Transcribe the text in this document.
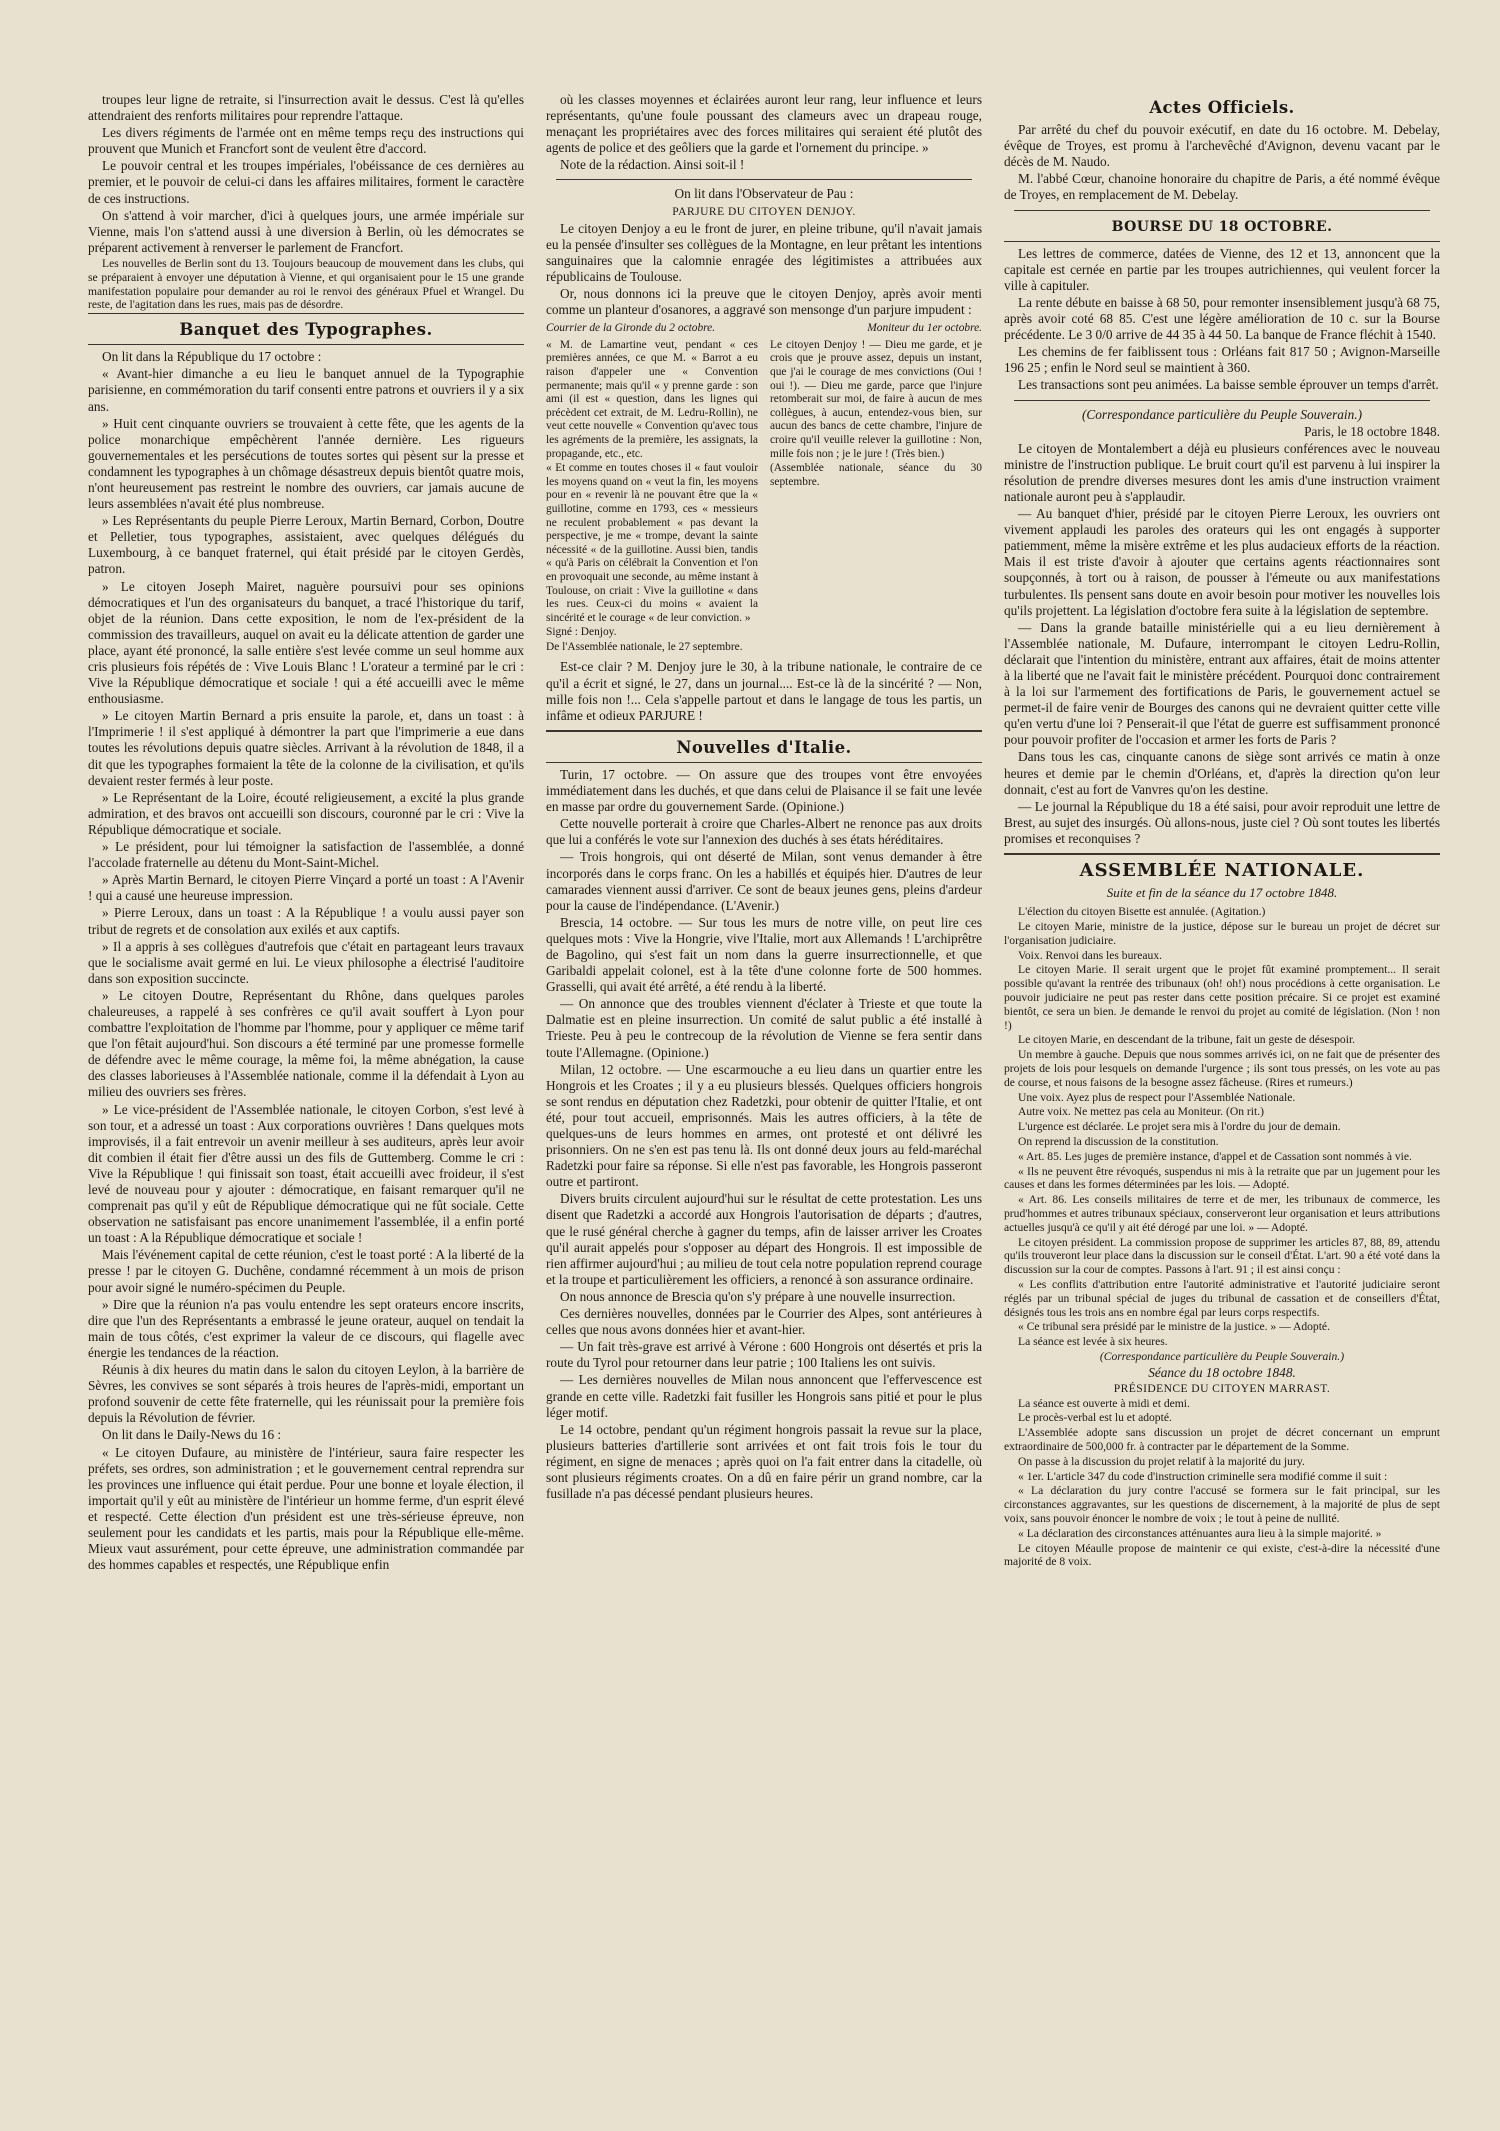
troupes leur ligne de retraite, si l'insurrection avait le dessus. C'est là qu'elles attendraient des renforts militaires pour reprendre l'attaque.

Les divers régiments de l'armée ont en même temps reçu des instructions qui prouvent que Munich et Francfort sont de veulent être d'accord.

Le pouvoir central et les troupes impériales, l'obéissance de ces dernières au premier, et le pouvoir de celui-ci dans les affaires militaires, forment le caractère de ces instructions.

On s'attend à voir marcher, d'ici à quelques jours, une armée impériale sur Vienne, mais l'on s'attend aussi à une diversion à Berlin, où les démocrates se préparent activement à renverser le parlement de Francfort.

Les nouvelles de Berlin sont du 13. Toujours beaucoup de mouvement dans les clubs, qui se préparaient à envoyer une députation à Vienne, et qui organisaient pour le 15 une grande manifestation populaire pour demander au roi le renvoi des généraux Pfuel et Wrangel. Du reste, de l'agitation dans les rues, mais pas de désordre.

Banquet des Typographes.

On lit dans la République du 17 octobre :

« Avant-hier dimanche a eu lieu le banquet annuel de la Typographie parisienne, en commémoration du tarif consenti entre patrons et ouvriers il y a six ans.

» Huit cent cinquante ouvriers se trouvaient à cette fête, que les agents de la police monarchique empêchèrent l'année dernière. Les rigueurs gouvernementales et les persécutions de toutes sortes qui pèsent sur la presse et condamnent les typographes à un chômage désastreux depuis bientôt quatre mois, n'ont heureusement pas restreint le nombre des ouvriers, car jamais aucune de leurs assemblées n'avait été plus nombreuse.

» Les Représentants du peuple Pierre Leroux, Martin Bernard, Corbon, Doutre et Pelletier, tous typographes, assistaient, avec quelques délégués du Luxembourg, à ce banquet fraternel, qui était présidé par le citoyen Gerdès, patron.

» Le citoyen Joseph Mairet, naguère poursuivi pour ses opinions démocratiques et l'un des organisateurs du banquet, a tracé l'historique du tarif, objet de la réunion. Dans cette exposition, le nom de l'ex-président de la commission des travailleurs, auquel on avait eu la délicate attention de garder une place, ayant été prononcé, la salle entière s'est levée comme un seul homme aux cris plusieurs fois répétés de : Vive Louis Blanc ! L'orateur a terminé par le cri : Vive la République démocratique et sociale ! qui a été accueilli avec le même enthousiasme.

» Le citoyen Martin Bernard a pris ensuite la parole, et, dans un toast : à l'Imprimerie ! il s'est appliqué à démontrer la part que l'imprimerie a eue dans toutes les révolutions depuis quatre siècles. Arrivant à la révolution de 1848, il a dit que les typographes formaient la tête de la colonne de la civilisation, et qu'ils devaient rester fermés à leur poste.

» Le Représentant de la Loire, écouté religieusement, a excité la plus grande admiration, et des bravos ont accueilli son discours, couronné par le cri : Vive la République démocratique et sociale.

» Le président, pour lui témoigner la satisfaction de l'assemblée, a donné l'accolade fraternelle au détenu du Mont-Saint-Michel.

» Après Martin Bernard, le citoyen Pierre Vinçard a porté un toast : A l'Avenir ! qui a causé une heureuse impression.

» Pierre Leroux, dans un toast : A la République ! a voulu aussi payer son tribut de regrets et de consolation aux exilés et aux captifs.

» Il a appris à ses collègues d'autrefois que c'était en partageant leurs travaux que le socialisme avait germé en lui. Le vieux philosophe a électrisé l'auditoire dans son exposition succincte.

» Le citoyen Doutre, Représentant du Rhône, dans quelques paroles chaleureuses, a rappelé à ses confrères ce qu'il avait souffert à Lyon pour combattre l'exploitation de l'homme par l'homme, pour y appliquer ce même tarif que l'on fêtait aujourd'hui. Son discours a été terminé par une promesse formelle de défendre avec le même courage, la même foi, la même abnégation, la cause des classes laborieuses à l'Assemblée nationale, comme il la défendait à Lyon au milieu des ouvriers ses frères.

» Le vice-président de l'Assemblée nationale, le citoyen Corbon, s'est levé à son tour, et a adressé un toast : Aux corporations ouvrières ! Dans quelques mots improvisés, il a fait entrevoir un avenir meilleur à ses auditeurs, après leur avoir dit combien il était fier d'être aussi un des fils de Guttemberg. Comme le cri : Vive la République ! qui finissait son toast, était accueilli avec froideur, il s'est levé de nouveau pour y ajouter : démocratique, en faisant remarquer qu'il ne comprenait pas qu'il y eût de République démocratique qui ne fût sociale. Cette observation ne satisfaisant pas encore unanimement l'assemblée, il a enfin porté un toast : A la République démocratique et sociale !

Mais l'événement capital de cette réunion, c'est le toast porté : A la liberté de la presse ! par le citoyen G. Duchêne, condamné récemment à un mois de prison pour avoir signé le numéro-spécimen du Peuple.

» Dire que la réunion n'a pas voulu entendre les sept orateurs encore inscrits, dire que l'un des Représentants a embrassé le jeune orateur, auquel on tendait la main de tous côtés, c'est exprimer la valeur de ce discours, qui flagelle avec énergie les tendances de la réaction.

Réunis à dix heures du matin dans le salon du citoyen Leylon, à la barrière de Sèvres, les convives se sont séparés à trois heures de l'après-midi, emportant un profond souvenir de cette fête fraternelle, qui les réunissait pour la première fois depuis la Révolution de février.

On lit dans le Daily-News du 16 :

« Le citoyen Dufaure, au ministère de l'intérieur, saura faire respecter les préfets, ses ordres, son administration ; et le gouvernement central reprendra sur les provinces une influence qui était perdue. Pour une bonne et loyale élection, il importait qu'il y eût au ministère de l'intérieur un homme ferme, d'un esprit élevé et respecté. Cette élection d'un président est une très-sérieuse épreuve, non seulement pour les candidats et les partis, mais pour la République elle-même. Mieux vaut assurément, pour cette épreuve, une administration commandée par des hommes capables et respectés, une République enfin

où les classes moyennes et éclairées auront leur rang, leur influence et leurs représentants, qu'une foule poussant des clameurs avec un drapeau rouge, menaçant les propriétaires avec des forces militaires qui seraient été plutôt des agents de police et des geôliers que la garde et l'ornement du principe. »

Note de la rédaction. Ainsi soit-il !

On lit dans l'Observateur de Pau :

PARJURE DU CITOYEN DENJOY.

Le citoyen Denjoy a eu le front de jurer, en pleine tribune, qu'il n'avait jamais eu la pensée d'insulter ses collègues de la Montagne, en leur prêtant les intentions sanguinaires que la calomnie enragée des légitimistes a attribuées aux républicains de Toulouse.

Or, nous donnons ici la preuve que le citoyen Denjoy, après avoir menti comme un planteur d'osanores, a aggravé son mensonge d'un parjure impudent :

Courrier de la Gironde du 2 octobre.

« M. de Lamartine veut, pendant « ces premières années, ce que M. « Barrot a eu raison d'appeler une « Convention permanente; mais qu'il « y prenne garde : son ami (il est « question, dans les lignes qui précèdent cet extrait, de M. Ledru-Rollin), ne veut cette nouvelle « Convention qu'avec tous les agréments de la première, les assignats, la propagande, etc., etc.

« Et comme en toutes choses il « faut vouloir les moyens quand on « veut la fin, les moyens pour en « revenir là ne pouvant être que la « guillotine, comme en 1793, ces « messieurs ne reculent probablement « pas devant la perspective, je me « trompe, devant la sainte nécessité « de la guillotine. Aussi bien, tandis « qu'à Paris on célébrait la Convention et l'on en provoquait une seconde, au même instant à Toulouse, on criait : Vive la guillotine « dans les rues. Ceux-ci du moins « avaient la sincérité et le courage « de leur conviction. »

Signé : Denjoy.

De l'Assemblée nationale, le 27 septembre.

Moniteur du 1er octobre.

Le citoyen Denjoy ! — Dieu me garde, et je crois que je prouve assez, depuis un instant, que j'ai le courage de mes convictions (Oui ! oui !). — Dieu me garde, parce que l'injure retomberait sur moi, de faire à aucun de mes collègues, à aucun, entendez-vous bien, sur aucun des bancs de cette chambre, l'injure de croire qu'il veuille relever la guillotine : Non, mille fois non ; je le jure ! (Très bien.)

(Assemblée nationale, séance du 30 septembre.

Est-ce clair ? M. Denjoy jure le 30, à la tribune nationale, le contraire de ce qu'il a écrit et signé, le 27, dans un journal.... Est-ce là de la sincérité ? — Non, mille fois non !... Cela s'appelle partout et dans le langage de tous les partis, un infâme et odieux PARJURE !

Nouvelles d'Italie.

Turin, 17 octobre. — On assure que des troupes vont être envoyées immédiatement dans les duchés, et que dans celui de Plaisance il se fait une levée en masse par ordre du gouvernement Sarde. (Opinione.)

Cette nouvelle porterait à croire que Charles-Albert ne renonce pas aux droits que lui a conférés le vote sur l'annexion des duchés à ses états héréditaires.

— Trois hongrois, qui ont déserté de Milan, sont venus demander à être incorporés dans le corps franc. On les a habillés et équipés hier. D'autres de leur camarades viennent aussi d'arriver. Ce sont de beaux jeunes gens, pleins d'ardeur pour la cause de l'indépendance. (L'Avenir.)

Brescia, 14 octobre. — Sur tous les murs de notre ville, on peut lire ces quelques mots : Vive la Hongrie, vive l'Italie, mort aux Allemands ! L'archiprêtre de Bagolino, qui s'est fait un nom dans la guerre insurrectionnelle, et que Garibaldi appelait colonel, est à la tête d'une colonne forte de 500 hommes. Grasselli, qui avait été arrêté, a été rendu à la liberté.

— On annonce que des troubles viennent d'éclater à Trieste et que toute la Dalmatie est en pleine insurrection. Un comité de salut public a été installé à Trieste. Peu à peu le contrecoup de la révolution de Vienne se fera sentir dans toute l'Allemagne. (Opinione.)

Milan, 12 octobre. — Une escarmouche a eu lieu dans un quartier entre les Hongrois et les Croates ; il y a eu plusieurs blessés. Quelques officiers hongrois se sont rendus en députation chez Radetzki, pour obtenir de quitter l'Italie, et ont été, pour tout accueil, emprisonnés. Mais les autres officiers, à la tête de quelques-uns de leurs hommes en armes, ont protesté et ont délivré les prisonniers. On ne s'en est pas tenu là. Ils ont donné deux jours au feld-maréchal Radetzki pour faire sa réponse. Si elle n'est pas favorable, les Hongrois passeront outre et partiront.

Divers bruits circulent aujourd'hui sur le résultat de cette protestation. Les uns disent que Radetzki a accordé aux Hongrois l'autorisation de départs ; d'autres, que le rusé général cherche à gagner du temps, afin de laisser arriver les Croates qu'il aurait appelés pour s'opposer au départ des Hongrois. Il est impossible de rien affirmer aujourd'hui ; au milieu de tout cela notre population reprend courage et la troupe et particulièrement les officiers, a renoncé à son assurance ordinaire.

On nous annonce de Brescia qu'on s'y prépare à une nouvelle insurrection.

Ces dernières nouvelles, données par le Courrier des Alpes, sont antérieures à celles que nous avons données hier et avant-hier.

— Un fait très-grave est arrivé à Vérone : 600 Hongrois ont désertés et pris la route du Tyrol pour retourner dans leur patrie ; 100 Italiens les ont suivis.

— Les dernières nouvelles de Milan nous annoncent que l'effervescence est grande en cette ville. Radetzki fait fusiller les Hongrois sans pitié et pour le plus léger motif.

Le 14 octobre, pendant qu'un régiment hongrois passait la revue sur la place, plusieurs batteries d'artillerie sont arrivées et ont fait trois fois le tour du régiment, en signe de menaces ; après quoi on l'a fait entrer dans la citadelle, où sont plusieurs régiments croates. On a dû en faire périr un grand nombre, car la fusillade n'a pas décessé pendant plusieurs heures.

Actes Officiels.

Par arrêté du chef du pouvoir exécutif, en date du 16 octobre. M. Debelay, évêque de Troyes, est promu à l'archevêché d'Avignon, devenu vacant par le décès de M. Naudo.

M. l'abbé Cœur, chanoine honoraire du chapitre de Paris, a été nommé évêque de Troyes, en remplacement de M. Debelay.

BOURSE DU 18 OCTOBRE.

Les lettres de commerce, datées de Vienne, des 12 et 13, annoncent que la capitale est cernée en partie par les troupes autrichiennes, qui veulent forcer la ville à capituler.

La rente débute en baisse à 68 50, pour remonter insensiblement jusqu'à 68 75, après avoir coté 68 85. C'est une légère amélioration de 10 c. sur la Bourse précédente. Le 3 0/0 arrive de 44 35 à 44 50. La banque de France fléchit à 1540.

Les chemins de fer faiblissent tous : Orléans fait 817 50 ; Avignon-Marseille 196 25 ; enfin le Nord seul se maintient à 360.

Les transactions sont peu animées. La baisse semble éprouver un temps d'arrêt.

(Correspondance particulière du Peuple Souverain.)

Paris, le 18 octobre 1848.

Le citoyen de Montalembert a déjà eu plusieurs conférences avec le nouveau ministre de l'instruction publique. Le bruit court qu'il est parvenu à lui inspirer la résolution de prendre diverses mesures dont les amis d'une instruction vraiment nationale auront peu à s'applaudir.

— Au banquet d'hier, présidé par le citoyen Pierre Leroux, les ouvriers ont vivement applaudi les paroles des orateurs qui les ont engagés à supporter patiemment, même la misère extrême et les plus audacieux efforts de la réaction. Mais il est triste d'avoir à ajouter que certains agents réactionnaires sont soupçonnés, à tort ou à raison, de pousser à l'émeute ou aux manifestations turbulentes. Ils pensent sans doute en avoir besoin pour motiver les nouvelles lois qu'ils projettent. La législation d'octobre fera suite à la législation de septembre.

— Dans la grande bataille ministérielle qui a eu lieu dernièrement à l'Assemblée nationale, M. Dufaure, interrompant le citoyen Ledru-Rollin, déclarait que l'intention du ministère, entrant aux affaires, était de moins attenter à la liberté que ne l'avait fait le ministère précédent. Pourquoi donc contrairement à la loi sur l'armement des fortifications de Paris, le gouvernement actuel se permet-il de faire venir de Bourges des canons qui ne devraient quitter cette ville qu'en vertu d'une loi ? Penserait-il que l'état de guerre est suffisamment prononcé pour pouvoir profiter de l'occasion et armer les forts de Paris ?

Dans tous les cas, cinquante canons de siège sont arrivés ce matin à onze heures et demie par le chemin d'Orléans, et, d'après la direction qu'on leur donnait, c'est au fort de Vanvres qu'on les destine.

— Le journal la République du 18 a été saisi, pour avoir reproduit une lettre de Brest, au sujet des insurgés. Où allons-nous, juste ciel ? Où sont toutes les libertés promises et reconquises ?

ASSEMBLÉE NATIONALE.
Suite et fin de la séance du 17 octobre 1848.

L'élection du citoyen Bisette est annulée. (Agitation.)

Le citoyen Marie, ministre de la justice, dépose sur le bureau un projet de décret sur l'organisation judiciaire.

Voix. Renvoi dans les bureaux.

Le citoyen Marie. Il serait urgent que le projet fût examiné promptement... Il serait possible qu'avant la rentrée des tribunaux (oh! oh!) nous procédions à cette organisation. Le pouvoir judiciaire ne peut pas rester dans cette position précaire. Si ce projet est examiné bientôt, ce sera un bien. Je demande le renvoi du projet au comité de législation. (Non ! non !)

Le citoyen Marie, en descendant de la tribune, fait un geste de désespoir.

Un membre à gauche. Depuis que nous sommes arrivés ici, on ne fait que de présenter des projets de lois pour lesquels on demande l'urgence ; ils sont tous pressés, on les vote au pas de course, et nous faisons de la besogne assez fâcheuse. (Rires et rumeurs.)

Une voix. Ayez plus de respect pour l'Assemblée Nationale.

Autre voix. Ne mettez pas cela au Moniteur. (On rit.)

L'urgence est déclarée. Le projet sera mis à l'ordre du jour de demain.

On reprend la discussion de la constitution.

« Art. 85. Les juges de première instance, d'appel et de Cassation sont nommés à vie.

« Ils ne peuvent être révoqués, suspendus ni mis à la retraite que par un jugement pour les causes et dans les formes déterminées par les lois. — Adopté.

« Art. 86. Les conseils militaires de terre et de mer, les tribunaux de commerce, les prud'hommes et autres tribunaux spéciaux, conserveront leur organisation et leurs attributions actuelles jusqu'à ce qu'il y ait été dérogé par une loi. » — Adopté.

Le citoyen président. La commission propose de supprimer les articles 87, 88, 89, attendu qu'ils trouveront leur place dans la discussion sur le conseil d'État. L'art. 90 a été voté dans la discussion sur la cour de comptes. Passons à l'art. 91 ; il est ainsi conçu :

« Les conflits d'attribution entre l'autorité administrative et l'autorité judiciaire seront réglés par un tribunal spécial de juges du tribunal de cassation et de conseillers d'État, désignés tous les trois ans en nombre égal par leurs corps respectifs.

« Ce tribunal sera présidé par le ministre de la justice. » — Adopté.

La séance est levée à six heures.

(Correspondance particulière du Peuple Souverain.)

Séance du 18 octobre 1848.

PRÉSIDENCE DU CITOYEN MARRAST.

La séance est ouverte à midi et demi.

Le procès-verbal est lu et adopté.

L'Assemblée adopte sans discussion un projet de décret concernant un emprunt extraordinaire de 500,000 fr. à contracter par le département de la Somme.

On passe à la discussion du projet relatif à la majorité du jury.

« 1er. L'article 347 du code d'instruction criminelle sera modifié comme il suit :

« La déclaration du jury contre l'accusé se formera sur le fait principal, sur les circonstances aggravantes, sur les questions de discernement, à la majorité de plus de sept voix, sans pouvoir énoncer le nombre de voix ; le tout à peine de nullité.

« La déclaration des circonstances atténuantes aura lieu à la simple majorité. »

Le citoyen Méaulle propose de maintenir ce qui existe, c'est-à-dire la nécessité d'une majorité de 8 voix.
